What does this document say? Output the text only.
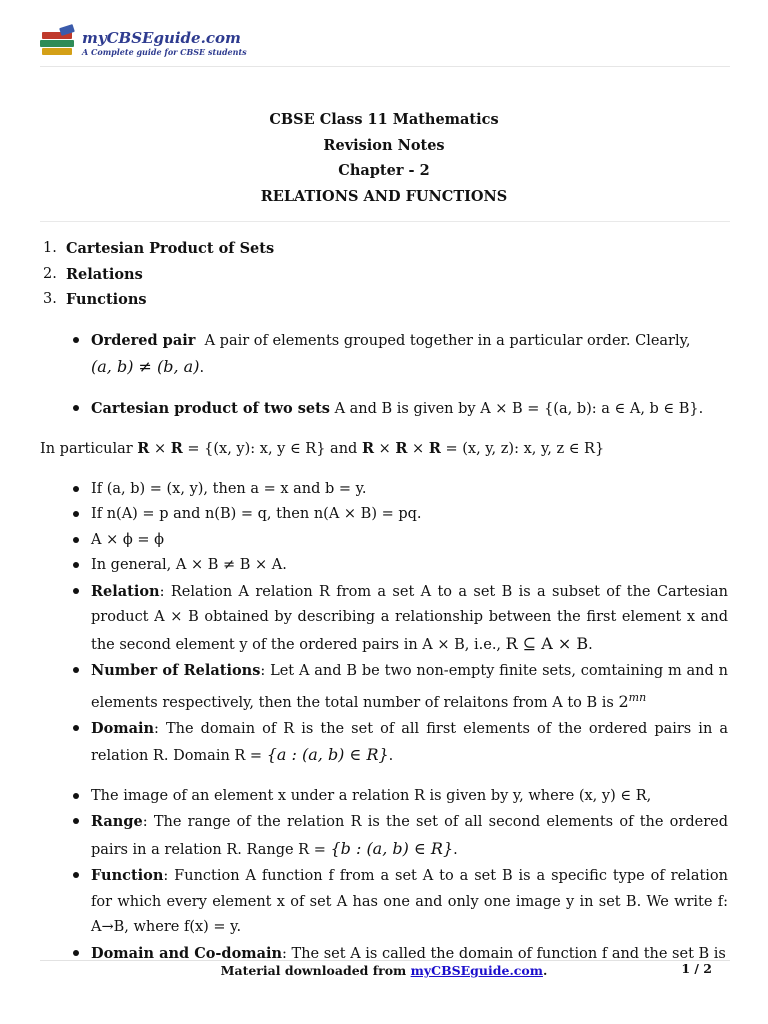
myCBSEguide.com
A Complete guide for CBSE students
CBSE Class 11 Mathematics
Revision Notes
Chapter - 2
RELATIONS AND FUNCTIONS
1. Cartesian Product of Sets
2. Relations
3. Functions
Ordered pair A pair of elements grouped together in a particular order. Clearly,
(a, b) ≠ (b, a).
Cartesian product of two sets A and B is given by A × B = {(a, b): a ∈ A, b ∈ B}.
In particular R × R = {(x, y): x, y ∈ R} and R × R × R = (x, y, z): x, y, z ∈ R}
If (a, b) = (x, y), then a = x and b = y.
If n(A) = p and n(B) = q, then n(A × B) = pq.
A × ϕ = ϕ
In general, A × B ≠ B × A.
Relation: Relation A relation R from a set A to a set B is a subset of the Cartesian product A × B obtained by describing a relationship between the first element x and the second element y of the ordered pairs in A × B, i.e., R ⊆ A × B.
Number of Relations: Let A and B be two non-empty finite sets, comtaining m and n elements respectively, then the total number of relaitons from A to B is $2^{mn}$
Domain: The domain of R is the set of all first elements of the ordered pairs in a relation R. Domain R = {a : (a, b) ∈ R}.
The image of an element x under a relation R is given by y, where (x, y) ∈ R,
Range: The range of the relation R is the set of all second elements of the ordered pairs in a relation R. Range R = {b : (a, b) ∈ R}.
Function: Function A function f from a set A to a set B is a specific type of relation for which every element x of set A has one and only one image y in set B. We write f: A→B, where f(x) = y.
Domain and Co-domain: The set A is called the domain of function f and the set B is
Material downloaded from myCBSEguide.com.	1 / 2
